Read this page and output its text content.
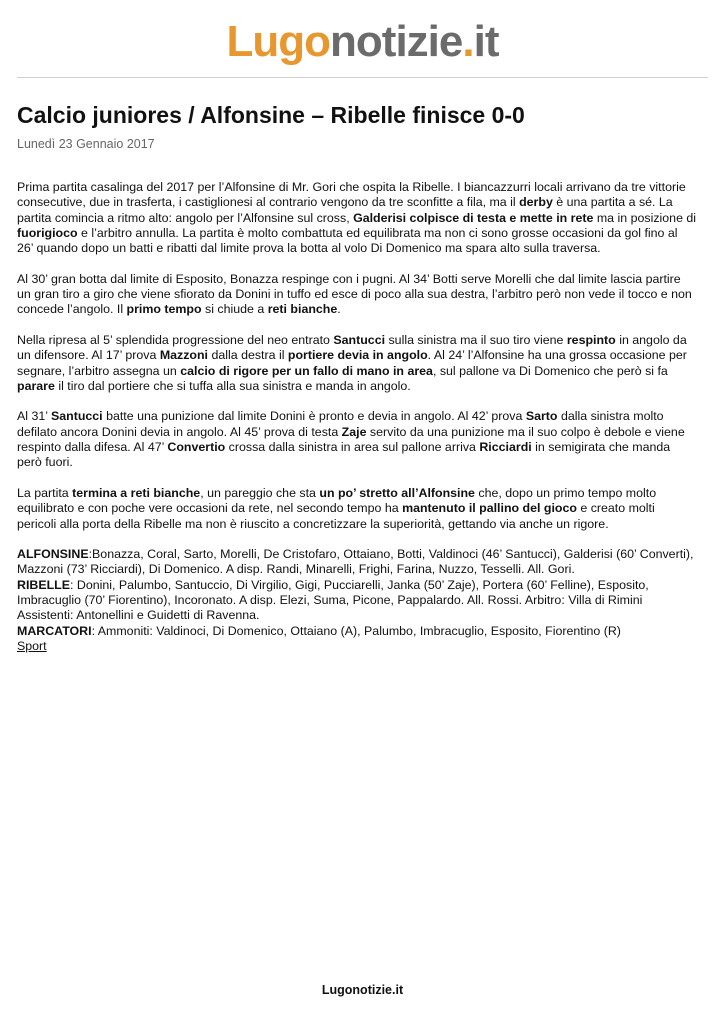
Lugonotizie.it
Calcio juniores / Alfonsine – Ribelle finisce 0-0
Lunedì 23 Gennaio 2017

Prima partita casalinga del 2017 per l’Alfonsine di Mr. Gori che ospita la Ribelle. I biancazzurri locali arrivano da tre vittorie consecutive, due in trasferta, i castiglionesi al contrario vengono da tre sconfitte a fila, ma il derby è una partita a sé. La partita comincia a ritmo alto: angolo per l’Alfonsine sul cross, Galderisi colpisce di testa e mette in rete ma in posizione di fuorigioco e l’arbitro annulla. La partita è molto combattuta ed equilibrata ma non ci sono grosse occasioni da gol fino al 26’ quando dopo un batti e ribatti dal limite prova la botta al volo Di Domenico ma spara alto sulla traversa.

Al 30’ gran botta dal limite di Esposito, Bonazza respinge con i pugni. Al 34’ Botti serve Morelli che dal limite lascia partire un gran tiro a giro che viene sfiorato da Donini in tuffo ed esce di poco alla sua destra, l’arbitro però non vede il tocco e non concede l’angolo. Il primo tempo si chiude a reti bianche.

Nella ripresa al 5’ splendida progressione del neo entrato Santucci sulla sinistra ma il suo tiro viene respinto in angolo da un difensore. Al 17’ prova Mazzoni dalla destra il portiere devia in angolo. Al 24’ l’Alfonsine ha una grossa occasione per segnare, l’arbitro assegna un calcio di rigore per un fallo di mano in area, sul pallone va Di Domenico che però si fa parare il tiro dal portiere che si tuffa alla sua sinistra e manda in angolo.

Al 31’ Santucci batte una punizione dal limite Donini è pronto e devia in angolo. Al 42’ prova Sarto dalla sinistra molto defilato ancora Donini devia in angolo. Al 45’ prova di testa Zaje servito da una punizione ma il suo colpo è debole e viene respinto dalla difesa. Al 47’ Convertio crossa dalla sinistra in area sul pallone arriva Ricciardi in semigirata che manda però fuori.

La partita termina a reti bianche, un pareggio che sta un po’ stretto all’Alfonsine che, dopo un primo tempo molto equilibrato e con poche vere occasioni da rete, nel secondo tempo ha mantenuto il pallino del gioco e creato molti pericoli alla porta della Ribelle ma non è riuscito a concretizzare la superiorità, gettando via anche un rigore.

ALFONSINE:Bonazza, Coral, Sarto, Morelli, De Cristofaro, Ottaiano, Botti, Valdinoci (46’ Santucci), Galderisi (60’ Converti), Mazzoni (73’ Ricciardi), Di Domenico. A disp. Randi, Minarelli, Frighi, Farina, Nuzzo, Tesselli. All. Gori.

RIBELLE: Donini, Palumbo, Santuccio, Di Virgilio, Gigi, Pucciarelli, Janka (50’ Zaje), Portera (60’ Felline), Esposito, Imbracuglio (70’ Fiorentino), Incoronato. A disp. Elezi, Suma, Picone, Pappalardo. All. Rossi. Arbitro: Villa di Rimini Assistenti: Antonellini e Guidetti di Ravenna.

MARCATORI: Ammoniti: Valdinoci, Di Domenico, Ottaiano (A), Palumbo, Imbracuglio, Esposito, Fiorentino (R)

Sport

Lugonotizie.it
